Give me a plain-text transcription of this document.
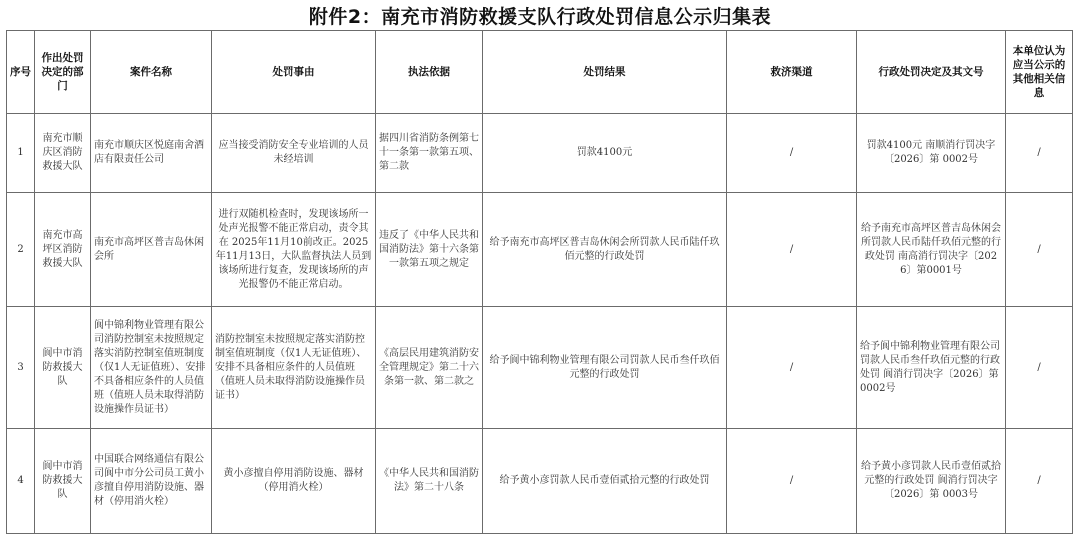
附件2：南充市消防救援支队行政处罚信息公示归集表
序号	作出处罚决定的部门	案件名称	处罚事由	执法依据	处罚结果	救济渠道	行政处罚决定及其文号	本单位认为应当公示的其他相关信息
1	南充市顺庆区消防救援大队	南充市顺庆区悦庭南舍酒店有限责任公司	应当接受消防安全专业培训的人员未经培训	据四川省消防条例第七十一条第一款第五项、第二款	罚款4100元	/	罚款4100元 南顺消行罚决字〔2026〕第 0002号	/
2	南充市高坪区消防救援大队	南充市高坪区普吉岛休闲会所	进行双随机检查时，发现该场所一处声光报警不能正常启动，责令其在 2025年11月10前改正。2025年11月13日，大队监督执法人员到该场所进行复查，发现该场所的声光报警仍不能正常启动。	违反了《中华人民共和国消防法》第十六条第一款第五项之规定	给予南充市高坪区普吉岛休闲会所罚款人民币陆仟玖佰元整的行政处罚	/	给予南充市高坪区普吉岛休闲会所罚款人民币陆仟玖佰元整的行政处罚 南高消行罚决字〔2026〕第0001号	/
3	阆中市消防救援大队	阆中锦利物业管理有限公司消防控制室未按照规定落实消防控制室值班制度（仅1人无证值班）、安排不具备相应条件的人员值班（值班人员未取得消防设施操作员证书）	消防控制室未按照规定落实消防控制室值班制度（仅1人无证值班）、安排不具备相应条件的人员值班（值班人员未取得消防设施操作员证书）	《高层民用建筑消防安全管理规定》第二十六条第一款、第二款之	给予阆中锦利物业管理有限公司罚款人民币叁仟玖佰元整的行政处罚	/	给予阆中锦利物业管理有限公司罚款人民币叁仟玖佰元整的行政处罚 阆消行罚决字〔2026〕第 0002号	/
4	阆中市消防救援大队	中国联合网络通信有限公司阆中市分公司员工黄小彦擅自停用消防设施、器材（停用消火栓）	黄小彦擅自停用消防设施、器材（停用消火栓）	《中华人民共和国消防法》第二十八条	给予黄小彦罚款人民币壹佰贰拾元整的行政处罚	/	给予黄小彦罚款人民币壹佰贰拾元整的行政处罚 阆消行罚决字〔2026〕第 0003号	/
